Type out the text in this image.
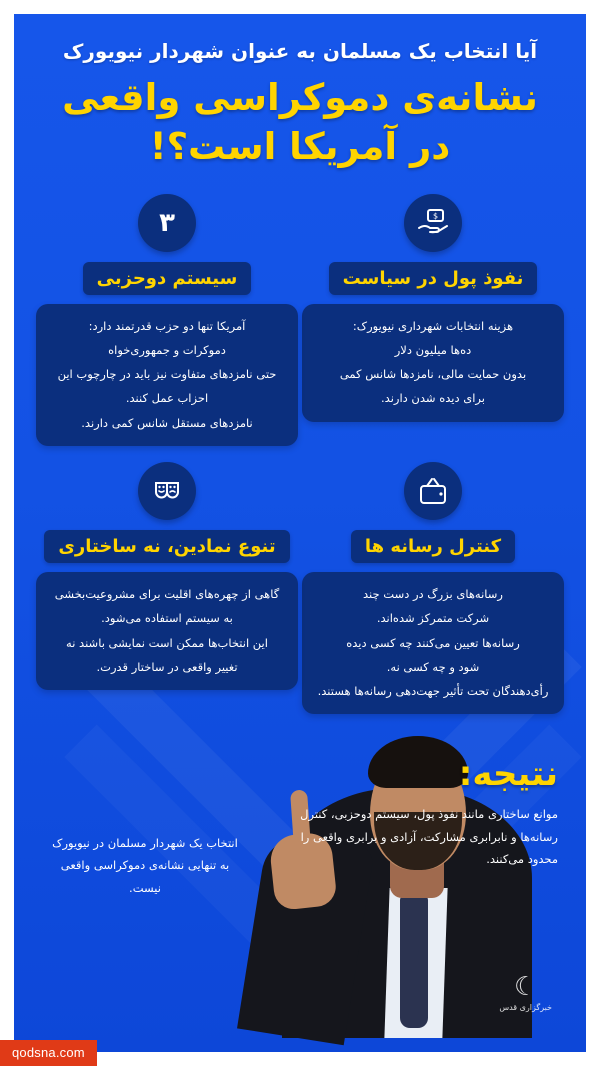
آیا انتخاب یک مسلمان به عنوان شهردار نیویورک
نشانه‌ی دموکراسی واقعی
در آمریکا است؟!
$
نفوذ پول در سیاست

هزینه انتخابات شهرداری نیویورک:

ده‌ها میلیون دلار

بدون حمایت مالی، نامزدها شانس کمی

برای دیده شدن دارند.

۳
سیستم دوحزبی

آمریکا تنها دو حزب قدرتمند دارد:

دموکرات و جمهوری‌خواه

حتی نامزدهای متفاوت نیز باید در چارچوب این

احزاب عمل کنند.

نامزدهای مستقل شانس کمی دارند.

کنترل رسانه ها

رسانه‌های بزرگ در دست چند

شرکت متمرکز شده‌اند.

رسانه‌ها تعیین می‌کنند چه کسی دیده

شود و چه کسی نه.

رأی‌دهندگان تحت تأثیر جهت‌دهی رسانه‌ها هستند.

تنوع نمادین، نه ساختاری

گاهی از چهره‌های اقلیت برای مشروعیت‌بخشی

به سیستم استفاده می‌شود.

این انتخاب‌ها ممکن است نمایشی باشند نه

تغییر واقعی در ساختار قدرت.

نتیجه:
موانع ساختاری مانند نفوذ پول، سیستم دوحزبی، کنترل رسانه‌ها و نابرابری مشارکت، آزادی و برابری واقعی را محدود می‌کنند.
انتخاب یک شهردار مسلمان در نیویورک به تنهایی نشانه‌ی دموکراسی واقعی نیست.
☾
خبرگزاری قدس
qodsna.com
